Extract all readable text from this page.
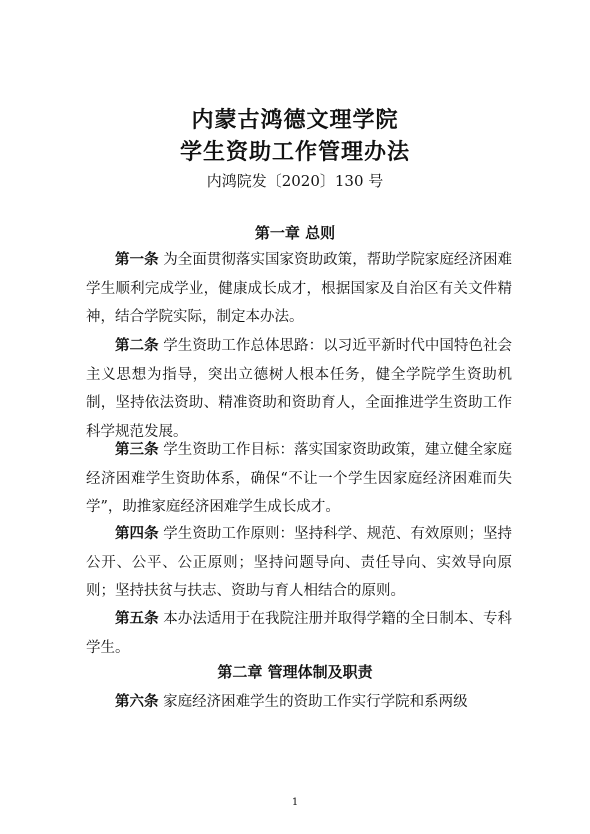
内蒙古鸿德文理学院
学生资助工作管理办法
内鸿院发〔2020〕130 号
第一章 总则

第一条 为全面贯彻落实国家资助政策，帮助学院家庭经济困难学生顺利完成学业，健康成长成才，根据国家及自治区有关文件精神，结合学院实际，制定本办法。

第二条 学生资助工作总体思路：以习近平新时代中国特色社会主义思想为指导，突出立德树人根本任务，健全学院学生资助机制，坚持依法资助、精准资助和资助育人，全面推进学生资助工作科学规范发展。

第三条 学生资助工作目标：落实国家资助政策，建立健全家庭经济困难学生资助体系，确保“不让一个学生因家庭经济困难而失学”，助推家庭经济困难学生成长成才。

第四条 学生资助工作原则：坚持科学、规范、有效原则；坚持公开、公平、公正原则；坚持问题导向、责任导向、实效导向原则；坚持扶贫与扶志、资助与育人相结合的原则。

第五条 本办法适用于在我院注册并取得学籍的全日制本、专科学生。

第二章 管理体制及职责

第六条 家庭经济困难学生的资助工作实行学院和系两级

1
